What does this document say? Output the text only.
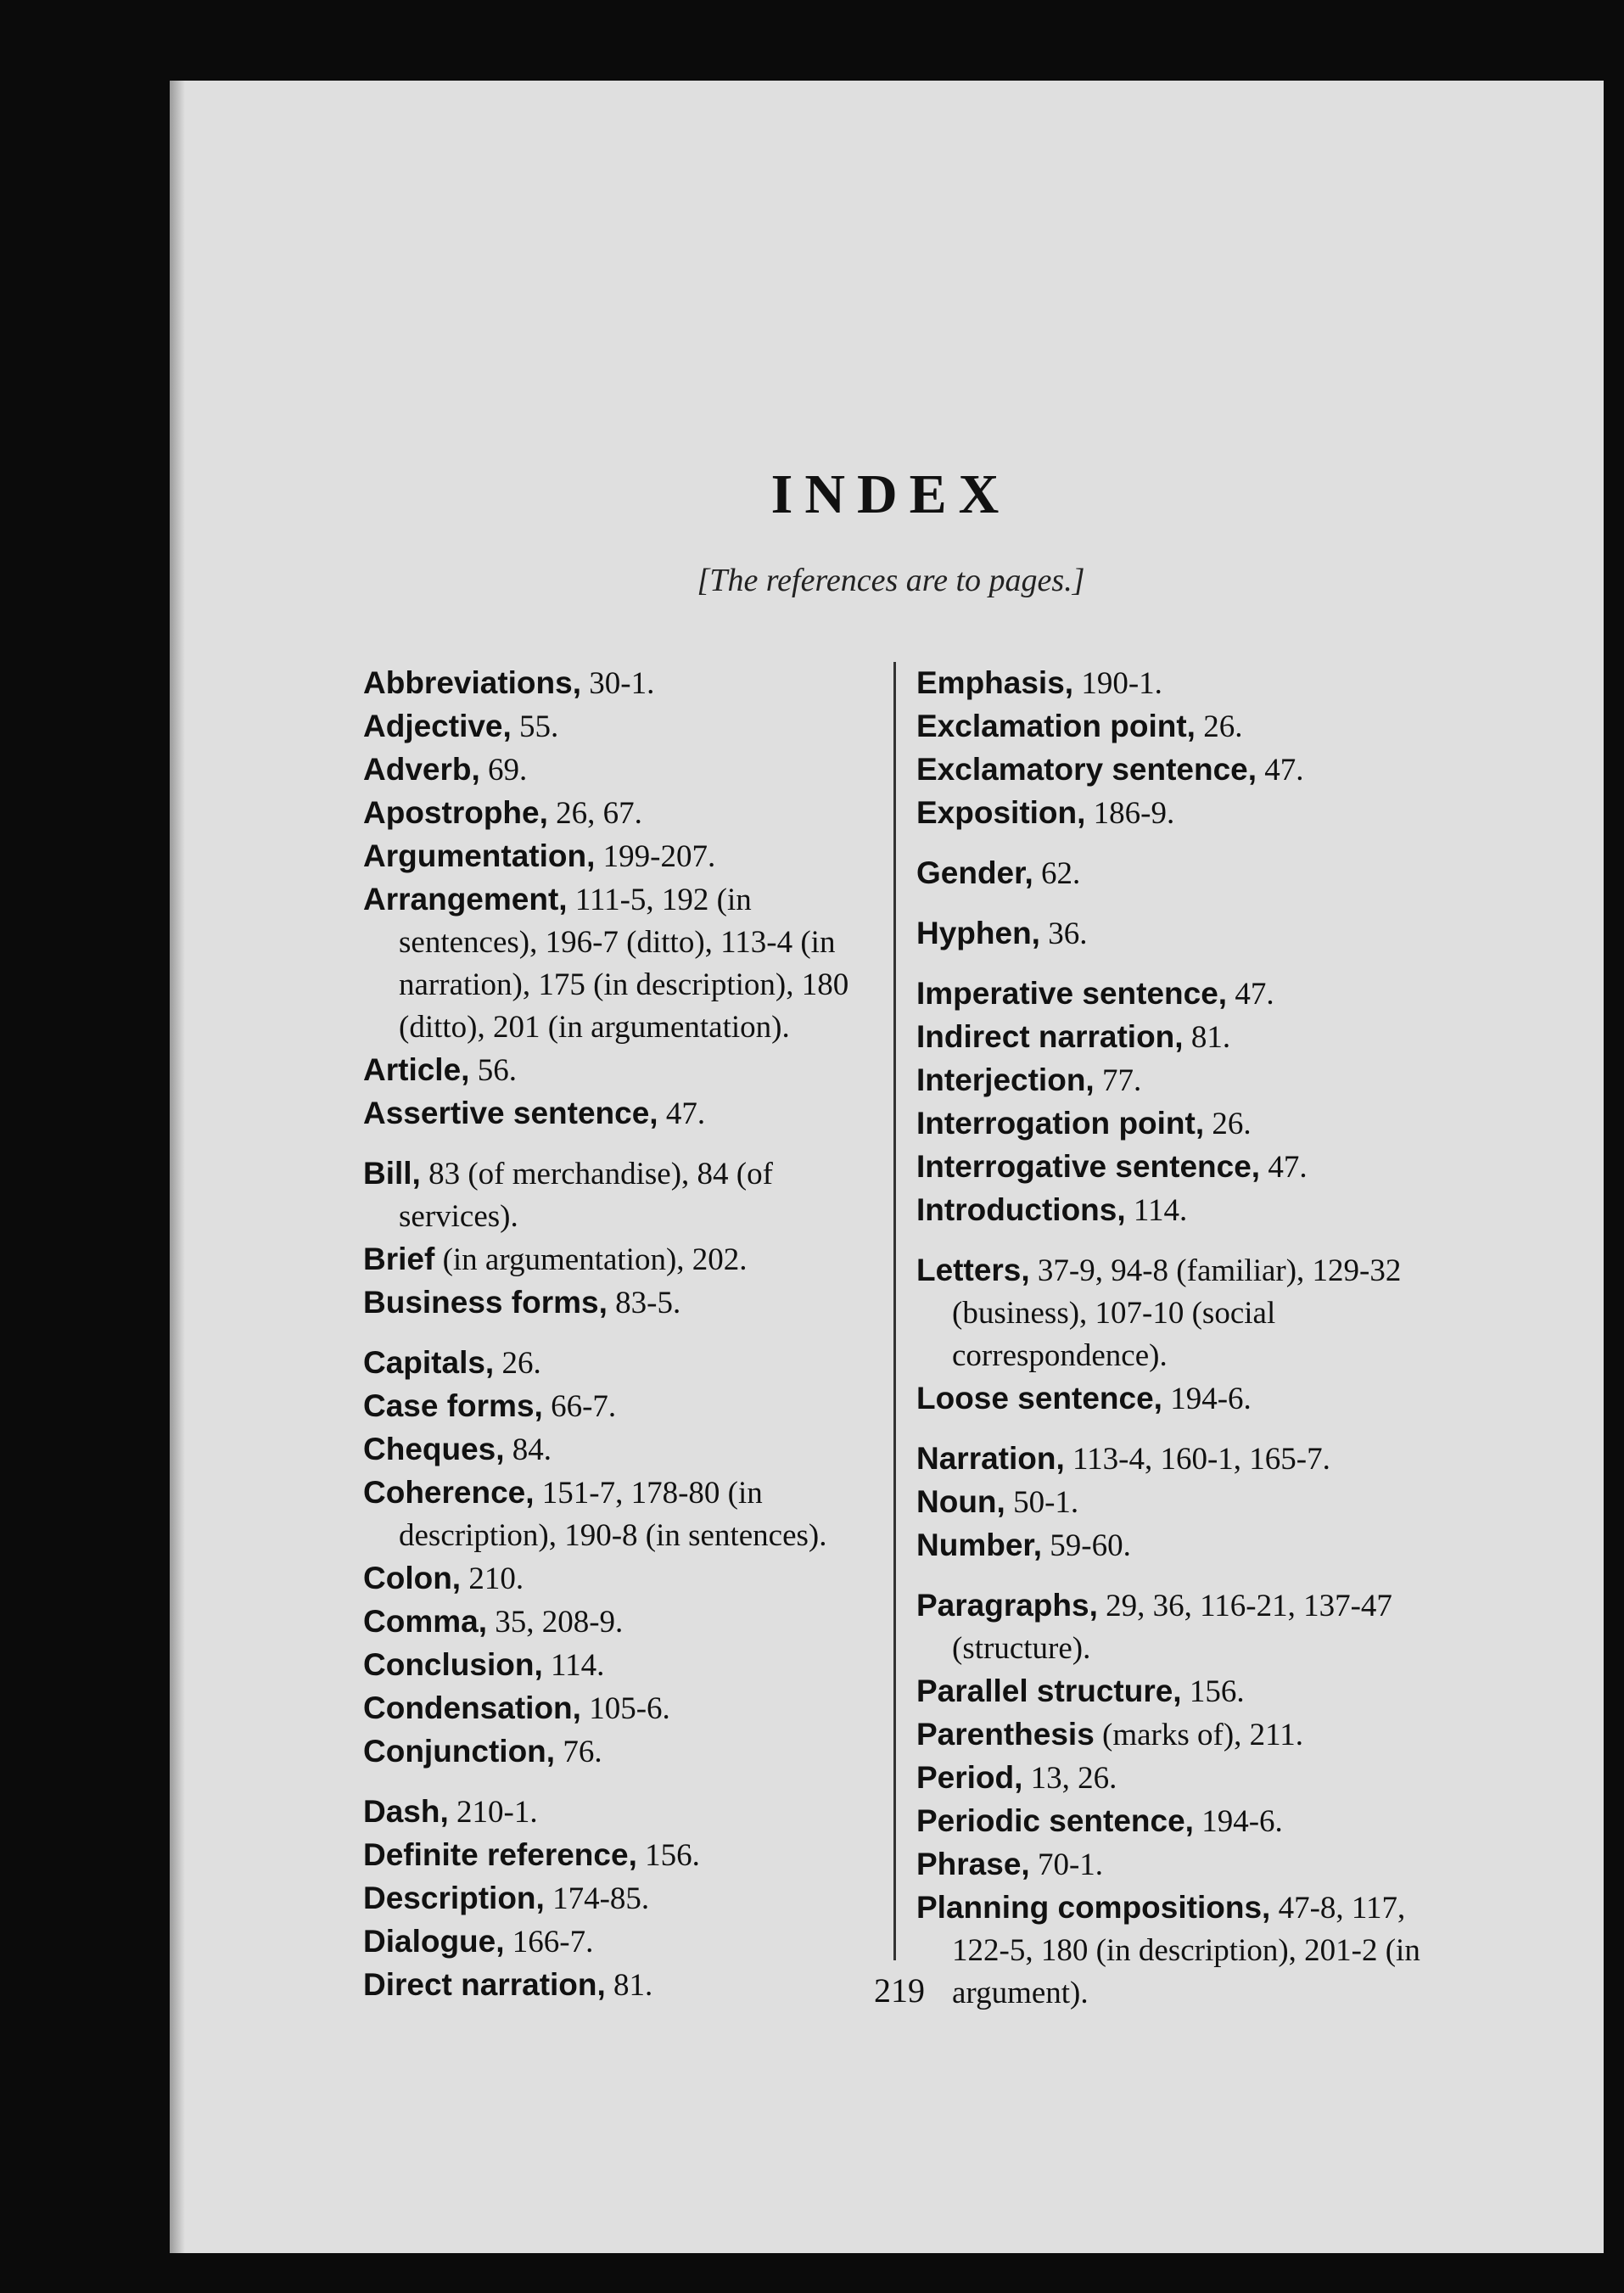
INDEX
[The references are to pages.]

Abbreviations, 30-1.

Adjective, 55.

Adverb, 69.

Apostrophe, 26, 67.

Argumentation, 199-207.

Arrangement, 111-5, 192 (in sentences), 196-7 (ditto), 113-4 (in narration), 175 (in description), 180 (ditto), 201 (in argumentation).

Article, 56.

Assertive sentence, 47.

Bill, 83 (of merchandise), 84 (of services).

Brief (in argumentation), 202.

Business forms, 83-5.

Capitals, 26.

Case forms, 66-7.

Cheques, 84.

Coherence, 151-7, 178-80 (in description), 190-8 (in sentences).

Colon, 210.

Comma, 35, 208-9.

Conclusion, 114.

Condensation, 105-6.

Conjunction, 76.

Dash, 210-1.

Definite reference, 156.

Description, 174-85.

Dialogue, 166-7.

Direct narration, 81.

Emphasis, 190-1.

Exclamation point, 26.

Exclamatory sentence, 47.

Exposition, 186-9.

Gender, 62.

Hyphen, 36.

Imperative sentence, 47.

Indirect narration, 81.

Interjection, 77.

Interrogation point, 26.

Interrogative sentence, 47.

Introductions, 114.

Letters, 37-9, 94-8 (familiar), 129-32 (business), 107-10 (social correspondence).

Loose sentence, 194-6.

Narration, 113-4, 160-1, 165-7.

Noun, 50-1.

Number, 59-60.

Paragraphs, 29, 36, 116-21, 137-47 (structure).

Parallel structure, 156.

Parenthesis (marks of), 211.

Period, 13, 26.

Periodic sentence, 194-6.

Phrase, 70-1.

Planning compositions, 47-8, 117, 122-5, 180 (in description), 201-2 (in argument).

219
